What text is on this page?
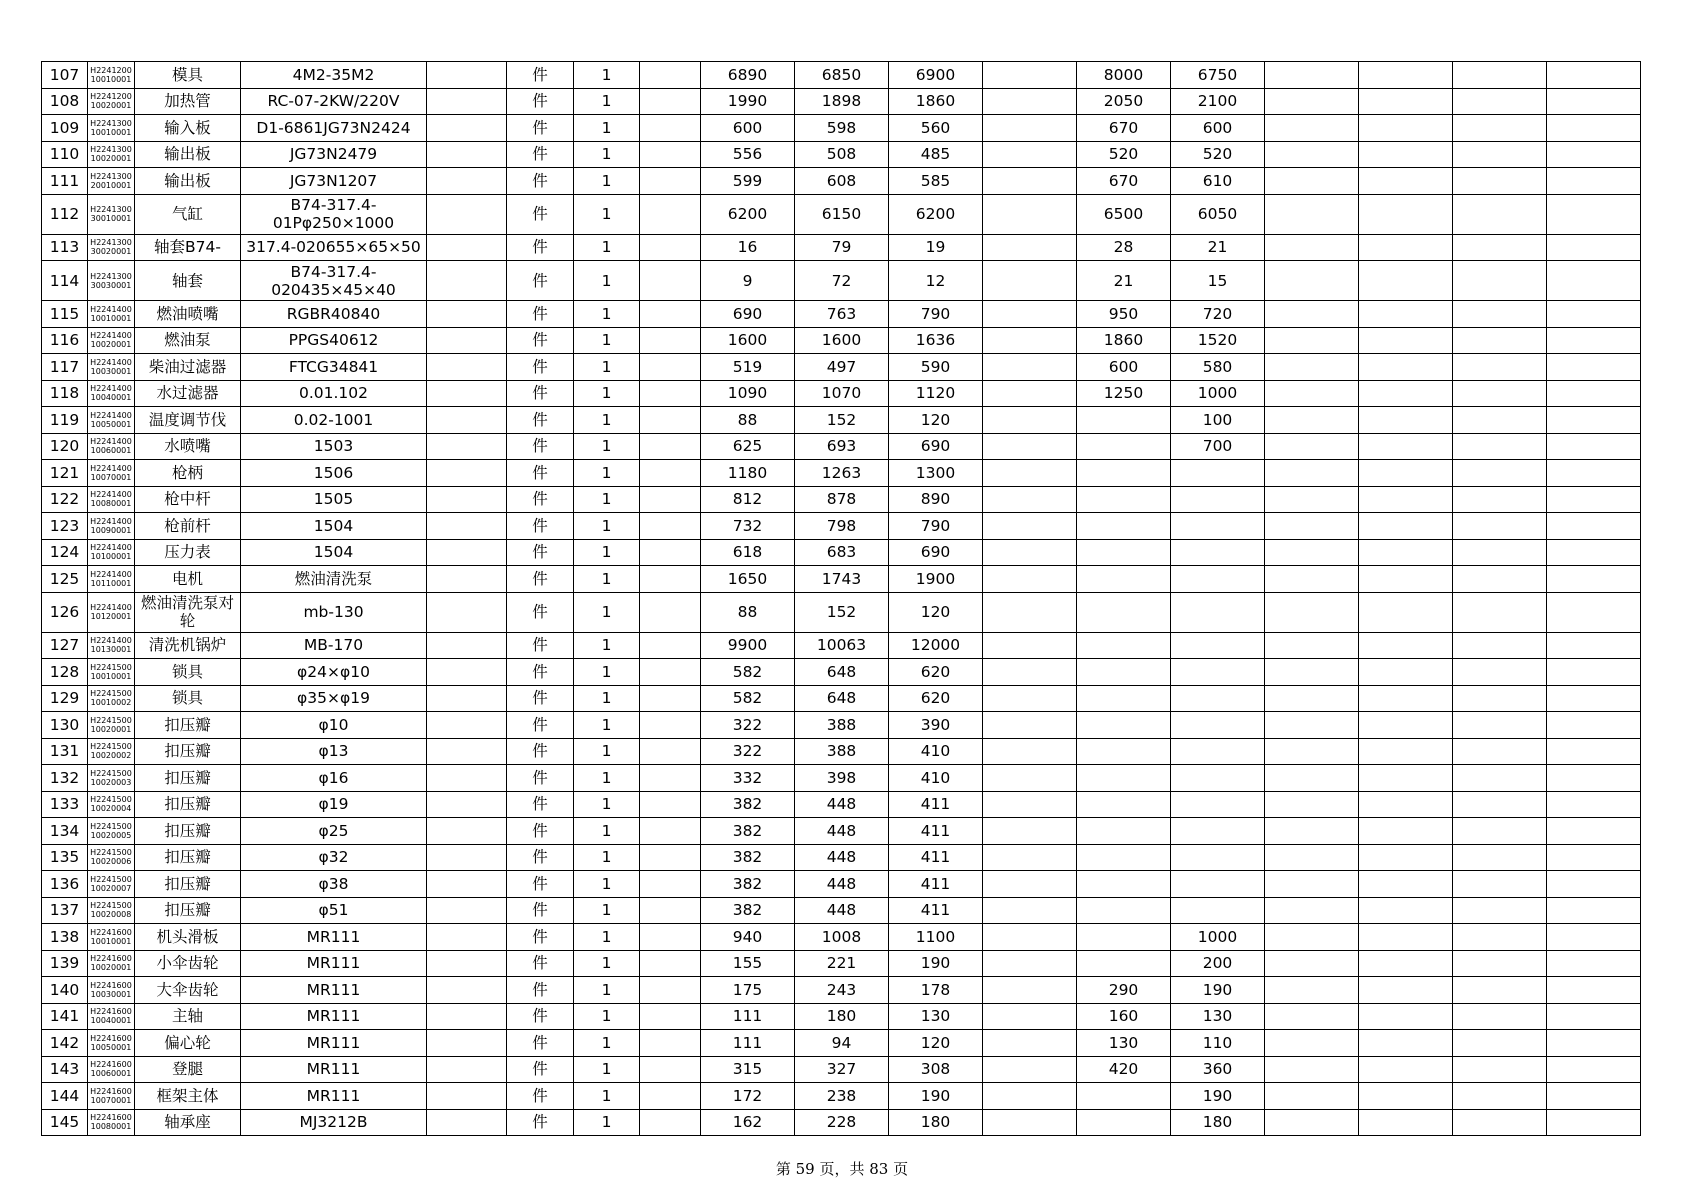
107	H224120010010001	模具	4M2-35M2		件	1		6890	6850	6900		8000	6750				
108	H224120010020001	加热管	RC-07-2KW/220V		件	1		1990	1898	1860		2050	2100				
109	H224130010010001	输入板	D1-6861JG73N2424		件	1		600	598	560		670	600				
110	H224130010020001	输出板	JG73N2479		件	1		556	508	485		520	520				
111	H224130020010001	输出板	JG73N1207		件	1		599	608	585		670	610				
112	H224130030010001	气缸	B74-317.4-01Pφ250×1000		件	1		6200	6150	6200		6500	6050				
113	H224130030020001	轴套B74-	317.4-020655×65×50		件	1		16	79	19		28	21				
114	H224130030030001	轴套	B74-317.4-020435×45×40		件	1		9	72	12		21	15				
115	H224140010010001	燃油喷嘴	RGBR40840		件	1		690	763	790		950	720				
116	H224140010020001	燃油泵	PPGS40612		件	1		1600	1600	1636		1860	1520				
117	H224140010030001	柴油过滤器	FTCG34841		件	1		519	497	590		600	580				
118	H224140010040001	水过滤器	0.01.102		件	1		1090	1070	1120		1250	1000				
119	H224140010050001	温度调节伐	0.02-1001		件	1		88	152	120			100				
120	H224140010060001	水喷嘴	1503		件	1		625	693	690			700				
121	H224140010070001	枪柄	1506		件	1		1180	1263	1300							
122	H224140010080001	枪中杆	1505		件	1		812	878	890							
123	H224140010090001	枪前杆	1504		件	1		732	798	790							
124	H224140010100001	压力表	1504		件	1		618	683	690							
125	H224140010110001	电机	燃油清洗泵		件	1		1650	1743	1900							
126	H224140010120001	燃油清洗泵对轮	mb-130		件	1		88	152	120							
127	H224140010130001	清洗机锅炉	MB-170		件	1		9900	10063	12000							
128	H224150010010001	锁具	φ24×φ10		件	1		582	648	620							
129	H224150010010002	锁具	φ35×φ19		件	1		582	648	620							
130	H224150010020001	扣压瓣	φ10		件	1		322	388	390							
131	H224150010020002	扣压瓣	φ13		件	1		322	388	410							
132	H224150010020003	扣压瓣	φ16		件	1		332	398	410							
133	H224150010020004	扣压瓣	φ19		件	1		382	448	411							
134	H224150010020005	扣压瓣	φ25		件	1		382	448	411							
135	H224150010020006	扣压瓣	φ32		件	1		382	448	411							
136	H224150010020007	扣压瓣	φ38		件	1		382	448	411							
137	H224150010020008	扣压瓣	φ51		件	1		382	448	411							
138	H224160010010001	机头滑板	MR111		件	1		940	1008	1100			1000				
139	H224160010020001	小伞齿轮	MR111		件	1		155	221	190			200				
140	H224160010030001	大伞齿轮	MR111		件	1		175	243	178		290	190				
141	H224160010040001	主轴	MR111		件	1		111	180	130		160	130				
142	H224160010050001	偏心轮	MR111		件	1		111	94	120		130	110				
143	H224160010060001	登腿	MR111		件	1		315	327	308		420	360				
144	H224160010070001	框架主体	MR111		件	1		172	238	190			190				
145	H224160010080001	轴承座	MJ3212B		件	1		162	228	180			180				
第 59 页，共 83 页
